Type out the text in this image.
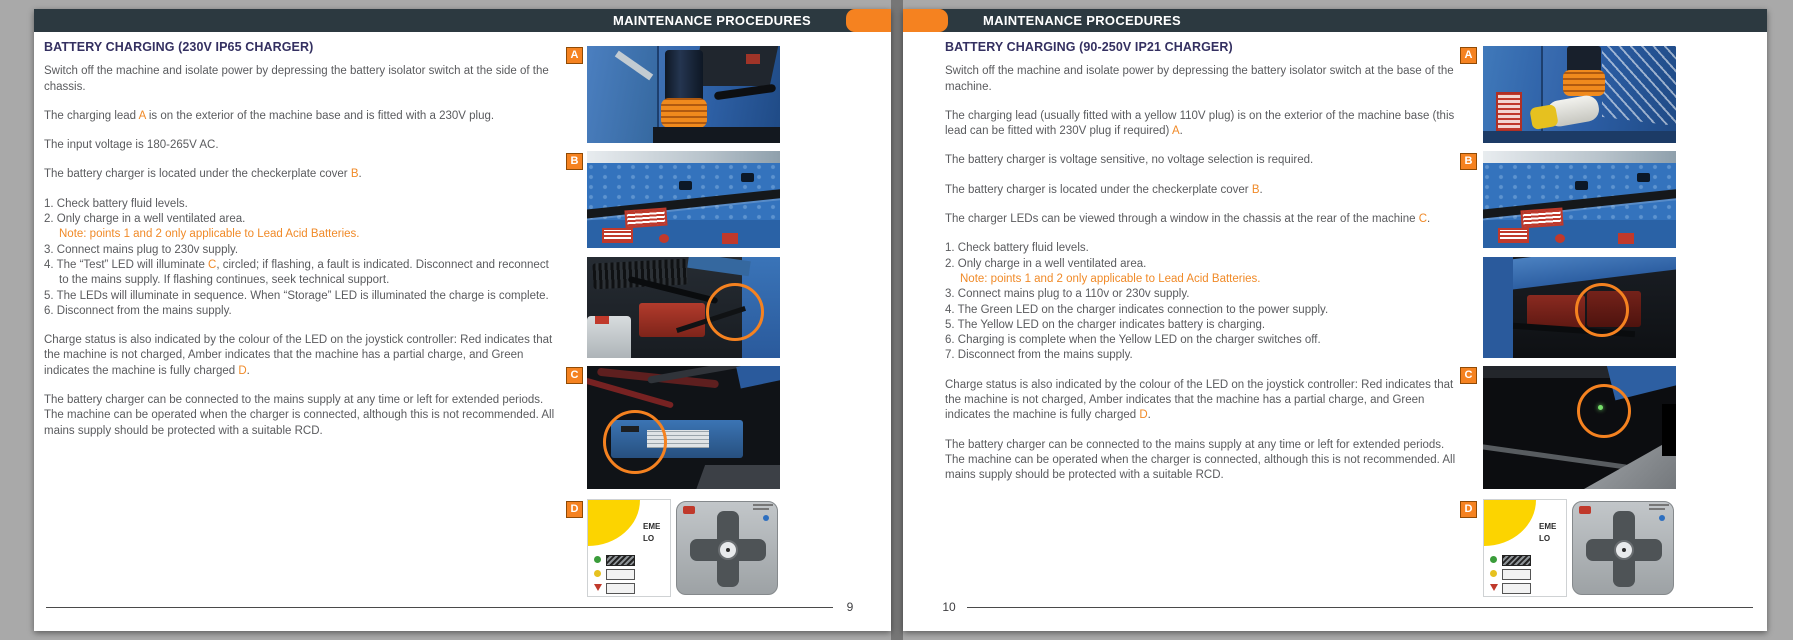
MAINTENANCE PROCEDURES
BATTERY CHARGING (230V IP65 CHARGER)

Switch off the machine and isolate power by depressing the battery isolator switch at the side of the chassis.

The charging lead A is on the exterior of the machine base and is fitted with a 230V plug.

The input voltage is 180-265V AC.

The battery charger is located under the checkerplate cover B.

1. Check battery fluid levels.
2. Only charge in a well ventilated area.
Note: points 1 and 2 only applicable to Lead Acid Batteries.
3. Connect mains plug to 230v supply.
4. The “Test” LED will illuminate C, circled; if flashing, a fault is indicated. Disconnect and reconnect to the mains supply. If flashing continues, seek technical support.
5. The LEDs will illuminate in sequence. When “Storage” LED is illuminated the charge is complete.
6. Disconnect from the mains supply.

Charge status is also indicated by the colour of the LED on the joystick controller: Red indicates that the machine is not charged, Amber indicates that the machine has a partial charge, and Green indicates the machine is fully charged D.

The battery charger can be connected to the mains supply at any time or left for extended periods. The machine can be operated when the charger is connected, although this is not recommended. All mains supply should be protected with a suitable RCD.

A
B
C
D
EME
LO
9
MAINTENANCE PROCEDURES
BATTERY CHARGING (90-250V IP21 CHARGER)

Switch off the machine and isolate power by depressing the battery isolator switch at the base of the machine.

The charging lead (usually fitted with a yellow 110V plug) is on the exterior of the machine base (this lead can be fitted with 230V plug if required) A.

The battery charger is voltage sensitive, no voltage selection is required.

The battery charger is located under the checkerplate cover B.

The charger LEDs can be viewed through a window in the chassis at the rear of the machine C.

1. Check battery fluid levels.
2. Only charge in a well ventilated area.
Note: points 1 and 2 only applicable to Lead Acid Batteries.
3. Connect mains plug to a 110v or 230v supply.
4. The Green LED on the charger indicates connection to the power supply.
5. The Yellow LED on the charger indicates battery is charging.
6. Charging is complete when the Yellow LED on the charger switches off.
7. Disconnect from the mains supply.

Charge status is also indicated by the colour of the LED on the joystick controller: Red indicates that the machine is not charged, Amber indicates that the machine has a partial charge, and Green indicates the machine is fully charged D.

The battery charger can be connected to the mains supply at any time or left for extended periods. The machine can be operated when the charger is connected, although this is not recommended. All mains supply should be protected with a suitable RCD.

A
B
C
D
EME
LO
10
